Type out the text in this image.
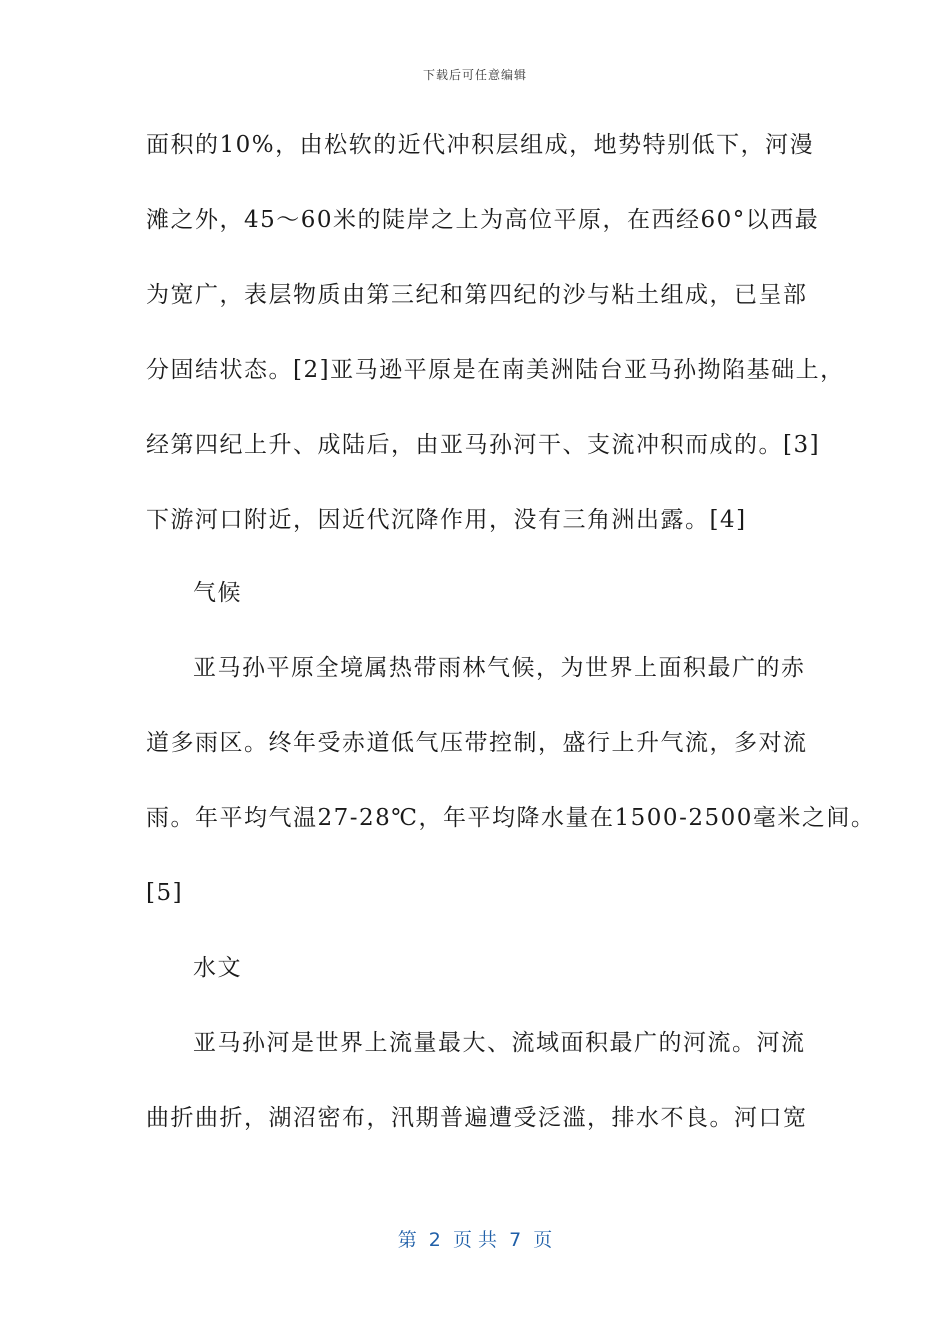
下载后可任意编辑
面积的10%，由松软的近代冲积层组成，地势特别低下，河漫
滩之外，45～60米的陡岸之上为高位平原，在西经60°以西最
为宽广，表层物质由第三纪和第四纪的沙与粘土组成，已呈部
分固结状态。[2]亚马逊平原是在南美洲陆台亚马孙拗陷基础上，
经第四纪上升、成陆后，由亚马孙河干、支流冲积而成的。[3]
下游河口附近，因近代沉降作用，没有三角洲出露。[4]
气候
亚马孙平原全境属热带雨林气候，为世界上面积最广的赤
道多雨区。终年受赤道低气压带控制，盛行上升气流，多对流
雨。年平均气温27-28℃，年平均降水量在1500-2500毫米之间。
[5]
水文
亚马孙河是世界上流量最大、流域面积最广的河流。河流
曲折曲折，湖沼密布，汛期普遍遭受泛滥，排水不良。河口宽
第  2  页 共  7  页
